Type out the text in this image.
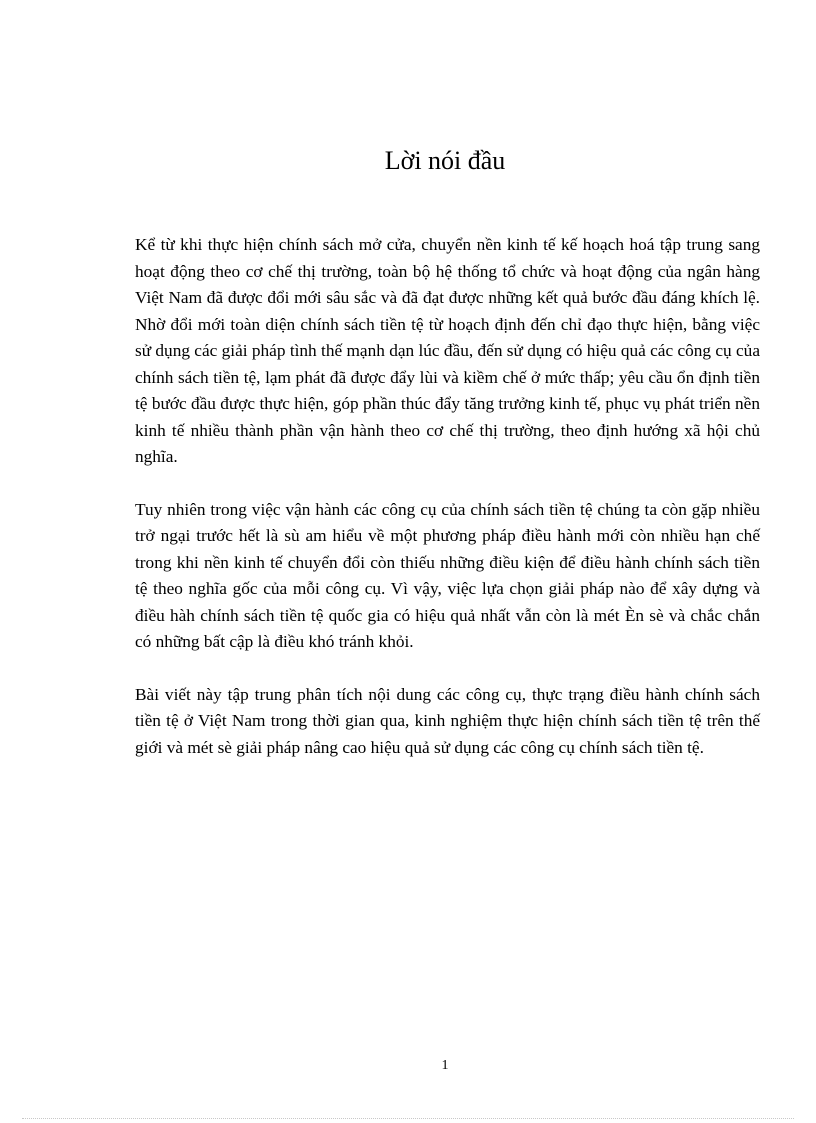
Lời nói đầu

Kể từ khi thực hiện chính sách mở cửa, chuyển nền kinh tế kế hoạch hoá tập trung sang hoạt động theo cơ chế thị trường, toàn bộ hệ thống tổ chức và hoạt động của ngân hàng Việt Nam đã được đổi mới sâu sắc và đã đạt được những kết quả bước đầu đáng khích lệ. Nhờ đổi mới toàn diện chính sách tiền tệ từ hoạch định đến chỉ đạo thực hiện, bằng việc sử dụng các giải pháp tình thế mạnh dạn lúc đầu, đến sử dụng có hiệu quả các công cụ của chính sách tiền tệ, lạm phát đã được đẩy lùi và kiềm chế ở mức thấp; yêu cầu ổn định tiền tệ bước đầu được thực hiện, góp phần thúc đẩy tăng trưởng kinh tế, phục vụ phát triển nền kinh tế nhiều thành phần vận hành theo cơ chế thị trường, theo định hướng xã hội chủ nghĩa.

Tuy nhiên trong việc vận hành các công cụ của chính sách tiền tệ chúng ta còn gặp nhiều trở ngại trước hết là sù am hiểu về một phương pháp điều hành mới còn nhiều hạn chế trong khi nền kinh tế chuyển đổi còn thiếu những điều kiện để điều hành chính sách tiền tệ theo nghĩa gốc của mỗi công cụ. Vì vậy, việc lựa chọn giải pháp nào để xây dựng và điều hàh chính sách tiền tệ quốc gia có hiệu quả nhất vẫn còn là mét Èn sè và chắc chắn có những bất cập là điều khó tránh khỏi.

Bài viết này tập trung phân tích nội dung các công cụ, thực trạng điều hành chính sách tiền tệ ở Việt Nam trong thời gian qua, kinh nghiệm thực hiện chính sách tiền tệ trên thế giới và mét sè giải pháp nâng cao hiệu quả sử dụng các công cụ chính sách tiền tệ.

1
